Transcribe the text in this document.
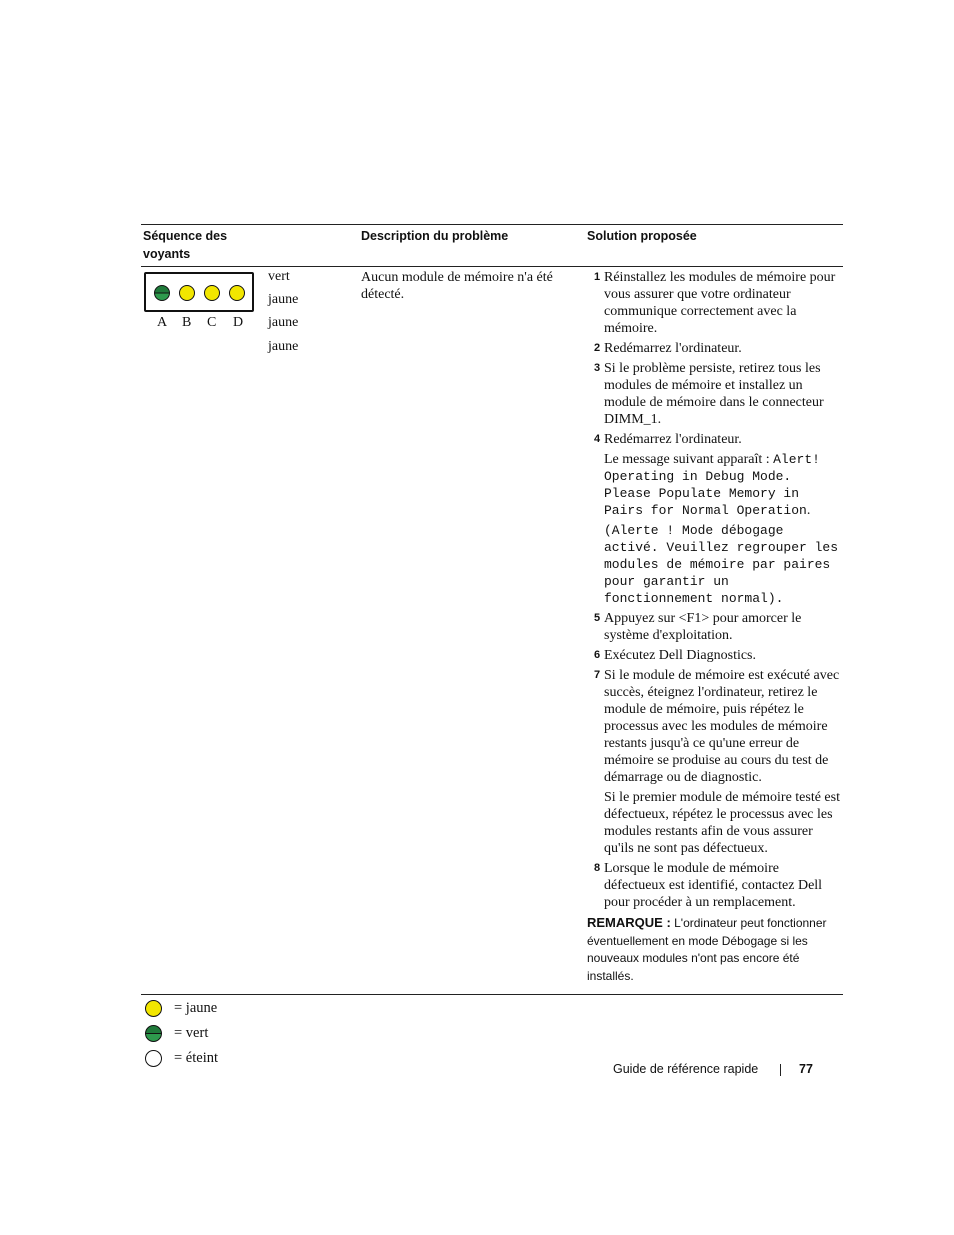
Séquence des
voyants
Description du problème	Solution proposée
A B C D
vert
jaune
jaune
jaune
Aucun module de mémoire n'a été détecté.
1 Réinstallez les modules de mémoire pour vous assurer que votre ordinateur communique correctement avec la mémoire.
2 Redémarrez l'ordinateur.
3 Si le problème persiste, retirez tous les modules de mémoire et installez un module de mémoire dans le connecteur DIMM_1.
4 Redémarrez l'ordinateur.
Le message suivant apparaît : Alert! Operating in Debug Mode. Please Populate Memory in Pairs for Normal Operation.
(Alerte ! Mode débogage activé. Veuillez regrouper les modules de mémoire par paires pour garantir un fonctionnement normal).
5 Appuyez sur <F1> pour amorcer le système d'exploitation.
6 Exécutez Dell Diagnostics.
7 Si le module de mémoire est exécuté avec succès, éteignez l'ordinateur, retirez le module de mémoire, puis répétez le processus avec les modules de mémoire restants jusqu'à ce qu'une erreur de mémoire se produise au cours du test de démarrage ou de diagnostic.
Si le premier module de mémoire testé est défectueux, répétez le processus avec les modules restants afin de vous assurer qu'ils ne sont pas défectueux.
8 Lorsque le module de mémoire défectueux est identifié, contactez Dell pour procéder à un remplacement.
REMARQUE : L'ordinateur peut fonctionner éventuellement en mode Débogage si les nouveaux modules n'ont pas encore été installés.
= jaune
= vert
= éteint
Guide de référence rapide	77
